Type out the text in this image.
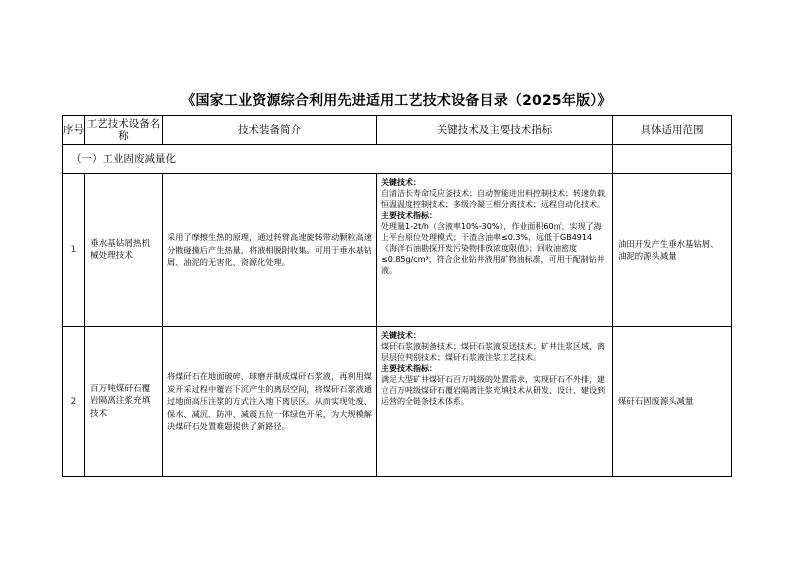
《国家工业资源综合利用先进适用工艺技术设备目录（2025年版）》
序号	工艺技术设备名称	技术装备简介	关键技术及主要技术指标	具体适用范围
（一）工业固废减量化				
1	垂水基钻屑热机械处理技术	采用了摩擦生热的原理，通过转臂高速旋转带动颗粒高速分散碰撞后产生热量，将液相脱附收集。可用于垂水基钻屑、油泥的无害化、资源化处理。	关键技术：
自清洁长寿命反应釜技术；自动智能进出料控制技术；转速负载恒温温度控制技术；多级冷凝三相分离技术；远程自动化技术。
主要技术指标：
处理量1-2t/h（含液率10%-30%），作业面积60㎡，实现了海上平台原位处理模式；干渣含油率≤0.3%，远低于GB4914《海洋石油勘探开发污染物排放浓度限值》；回收油密度≤0.85g/cm³，符合企业钻井液用矿物油标准，可用于配制钻井液。	油田开发产生垂水基钻屑、油泥的源头减量
2	百万吨煤矸石覆岩隔离注浆充填技术	将煤矸石在地面破碎、球磨并制成煤矸石浆液，再利用煤炭开采过程中覆岩下沉产生的离层空间，将煤矸石浆液通过地面高压注浆的方式注入地下离层区。从而实现处废、保水、减沉、防冲、减震五位一体绿色开采，为大规模解决煤矸石处置难题提供了新路径。	关键技术：
煤矸石浆液制备技术；煤矸石浆液泵送技术；矿井注浆区域、离层层位判别技术；煤矸石浆液注浆工艺技术。
主要技术指标：
满足大型矿井煤矸石百万吨级的处置需求，实现矸石不外排，建立百万吨级煤矸石覆岩隔离注浆充填技术从研发、设计、建设到运营的全链条技术体系。	煤矸石固废源头减量
